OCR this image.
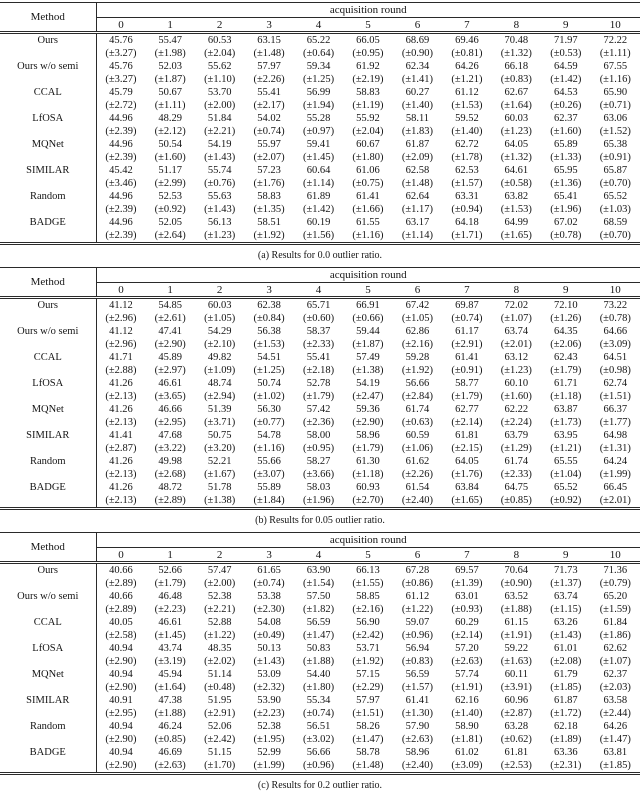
Method	acquisition round										
	0	1	2	3	4	5	6	7	8	9	10
Ours	45.76	55.47	60.53	63.15	65.22	66.05	68.69	69.46	70.48	71.97	72.22
	(±3.27)	(±1.98)	(±2.04)	(±1.48)	(±0.64)	(±0.95)	(±0.90)	(±0.81)	(±1.32)	(±0.53)	(±1.11)
Ours w/o semi	45.76	52.03	55.62	57.97	59.34	61.92	62.34	64.26	66.18	64.59	67.55
	(±3.27)	(±1.87)	(±1.10)	(±2.26)	(±1.25)	(±2.19)	(±1.41)	(±1.21)	(±0.83)	(±1.42)	(±1.16)
CCAL	45.79	50.67	53.70	55.41	56.99	58.83	60.27	61.12	62.67	64.53	65.90
	(±2.72)	(±1.11)	(±2.00)	(±2.17)	(±1.94)	(±1.19)	(±1.40)	(±1.53)	(±1.64)	(±0.26)	(±0.71)
LfOSA	44.96	48.29	51.84	54.02	55.28	55.92	58.11	59.52	60.03	62.37	63.06
	(±2.39)	(±2.12)	(±2.21)	(±0.74)	(±0.97)	(±2.04)	(±1.83)	(±1.40)	(±1.23)	(±1.60)	(±1.52)
MQNet	44.96	50.54	54.19	55.97	59.41	60.67	61.87	62.72	64.05	65.89	65.38
	(±2.39)	(±1.60)	(±1.43)	(±2.07)	(±1.45)	(±1.80)	(±2.09)	(±1.78)	(±1.32)	(±1.33)	(±0.91)
SIMILAR	45.42	51.17	55.74	57.23	60.64	61.06	62.58	62.53	64.61	65.95	65.87
	(±3.46)	(±2.99)	(±0.76)	(±1.76)	(±1.14)	(±0.75)	(±1.48)	(±1.57)	(±0.58)	(±1.36)	(±0.70)
Random	44.96	52.53	55.63	58.83	61.89	61.41	62.64	63.31	63.82	65.41	65.52
	(±2.39)	(±0.92)	(±1.43)	(±1.35)	(±1.42)	(±1.66)	(±1.17)	(±0.94)	(±1.53)	(±1.96)	(±1.03)
BADGE	44.96	52.05	56.13	58.51	60.19	61.55	63.17	64.18	64.99	67.02	68.59
	(±2.39)	(±2.64)	(±1.23)	(±1.92)	(±1.56)	(±1.16)	(±1.14)	(±1.71)	(±1.65)	(±0.78)	(±0.70)
(a) Results for 0.0 outlier ratio.
Method	acquisition round										
	0	1	2	3	4	5	6	7	8	9	10
Ours	41.12	54.85	60.03	62.38	65.71	66.91	67.42	69.87	72.02	72.10	73.22
	(±2.96)	(±2.61)	(±1.05)	(±0.84)	(±0.60)	(±0.66)	(±1.05)	(±0.74)	(±1.07)	(±1.26)	(±0.78)
Ours w/o semi	41.12	47.41	54.29	56.38	58.37	59.44	62.86	61.17	63.74	64.35	64.66
	(±2.96)	(±2.90)	(±2.10)	(±1.53)	(±2.33)	(±1.87)	(±2.16)	(±2.91)	(±2.01)	(±2.06)	(±3.09)
CCAL	41.71	45.89	49.82	54.51	55.41	57.49	59.28	61.41	63.12	62.43	64.51
	(±2.88)	(±2.97)	(±1.09)	(±1.25)	(±2.18)	(±1.38)	(±1.92)	(±0.91)	(±1.23)	(±1.79)	(±0.98)
LfOSA	41.26	46.61	48.74	50.74	52.78	54.19	56.66	58.77	60.10	61.71	62.74
	(±2.13)	(±3.65)	(±2.94)	(±1.02)	(±1.79)	(±2.47)	(±2.84)	(±1.79)	(±1.60)	(±1.18)	(±1.51)
MQNet	41.26	46.66	51.39	56.30	57.42	59.36	61.74	62.77	62.22	63.87	66.37
	(±2.13)	(±2.95)	(±3.71)	(±0.77)	(±2.36)	(±2.90)	(±0.63)	(±2.14)	(±2.24)	(±1.73)	(±1.77)
SIMILAR	41.41	47.68	50.75	54.78	58.00	58.96	60.59	61.81	63.79	63.95	64.98
	(±2.87)	(±3.22)	(±3.20)	(±1.16)	(±0.95)	(±1.79)	(±1.06)	(±2.15)	(±1.29)	(±1.21)	(±1.31)
Random	41.26	49.98	52.21	55.66	58.27	61.30	61.62	64.05	61.74	65.55	64.24
	(±2.13)	(±2.68)	(±1.67)	(±3.07)	(±3.66)	(±1.18)	(±2.26)	(±1.76)	(±2.33)	(±1.04)	(±1.99)
BADGE	41.26	48.72	51.78	55.89	58.03	60.93	61.54	63.84	64.75	65.52	66.45
	(±2.13)	(±2.89)	(±1.38)	(±1.84)	(±1.96)	(±2.70)	(±2.40)	(±1.65)	(±0.85)	(±0.92)	(±2.01)
(b) Results for 0.05 outlier ratio.
Method	acquisition round										
	0	1	2	3	4	5	6	7	8	9	10
Ours	40.66	52.66	57.47	61.65	63.90	66.13	67.28	69.57	70.64	71.73	71.36
	(±2.89)	(±1.79)	(±2.00)	(±0.74)	(±1.54)	(±1.55)	(±0.86)	(±1.39)	(±0.90)	(±1.37)	(±0.79)
Ours w/o semi	40.66	46.48	52.38	53.38	57.50	58.85	61.12	63.01	63.52	63.74	65.20
	(±2.89)	(±2.23)	(±2.21)	(±2.30)	(±1.82)	(±2.16)	(±1.22)	(±0.93)	(±1.88)	(±1.15)	(±1.59)
CCAL	40.05	46.61	52.88	54.08	56.59	56.90	59.07	60.29	61.15	63.26	61.84
	(±2.58)	(±1.45)	(±1.22)	(±0.49)	(±1.47)	(±2.42)	(±0.96)	(±2.14)	(±1.91)	(±1.43)	(±1.86)
LfOSA	40.94	43.74	48.35	50.13	50.83	53.71	56.94	57.20	59.22	61.01	62.62
	(±2.90)	(±3.19)	(±2.02)	(±1.43)	(±1.88)	(±1.92)	(±0.83)	(±2.63)	(±1.63)	(±2.08)	(±1.07)
MQNet	40.94	45.94	51.14	53.09	54.40	57.15	56.59	57.74	60.11	61.79	62.37
	(±2.90)	(±1.64)	(±0.48)	(±2.32)	(±1.80)	(±2.29)	(±1.57)	(±1.91)	(±3.91)	(±1.85)	(±2.03)
SIMILAR	40.91	47.38	51.95	53.90	55.34	57.97	61.41	62.16	60.96	61.87	63.58
	(±2.95)	(±1.88)	(±2.91)	(±2.23)	(±0.74)	(±1.51)	(±1.30)	(±1.40)	(±2.87)	(±1.72)	(±2.44)
Random	40.94	46.24	52.06	52.38	56.51	58.26	57.90	58.90	63.28	62.18	64.26
	(±2.90)	(±0.85)	(±2.42)	(±1.95)	(±3.02)	(±1.47)	(±2.63)	(±1.81)	(±0.62)	(±1.89)	(±1.47)
BADGE	40.94	46.69	51.15	52.99	56.66	58.78	58.96	61.02	61.81	63.36	63.81
	(±2.90)	(±2.63)	(±1.70)	(±1.99)	(±0.96)	(±1.48)	(±2.40)	(±3.09)	(±2.53)	(±2.31)	(±1.85)
(c) Results for 0.2 outlier ratio.
